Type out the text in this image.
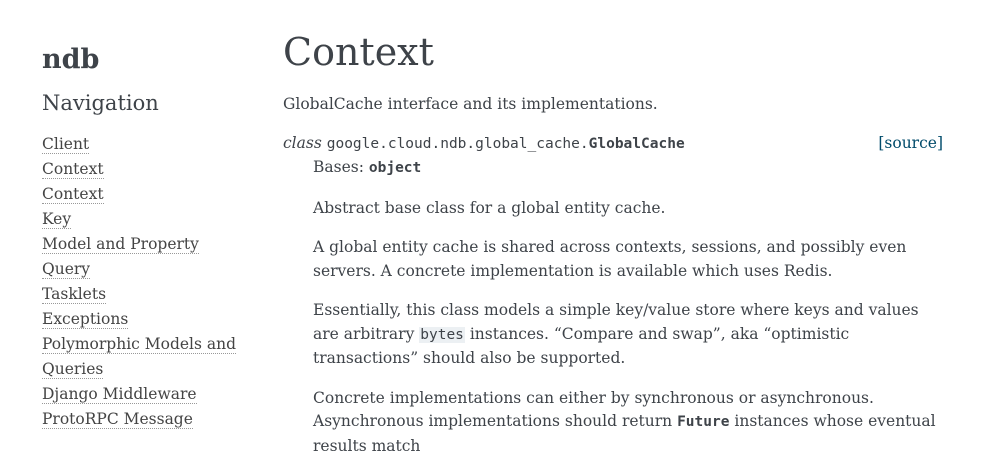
ndb
Navigation
Client
Context
Context
Key
Model and Property
Query
Tasklets
Exceptions
Polymorphic Models and
Queries
Django Middleware
ProtoRPC Message
Context

GlobalCache interface and its implementations.

class google.cloud.ndb.global_cache.GlobalCache	[source]

Bases: object

Abstract base class for a global entity cache.

A global entity cache is shared across contexts, sessions, and possibly even servers. A concrete implementation is available which uses Redis.

Essentially, this class models a simple key/value store where keys and values are arbitrary bytes instances. “Compare and swap”, aka “optimistic transactions” should also be supported.

Concrete implementations can either by synchronous or asynchronous. Asynchronous implementations should return Future instances whose eventual results match
